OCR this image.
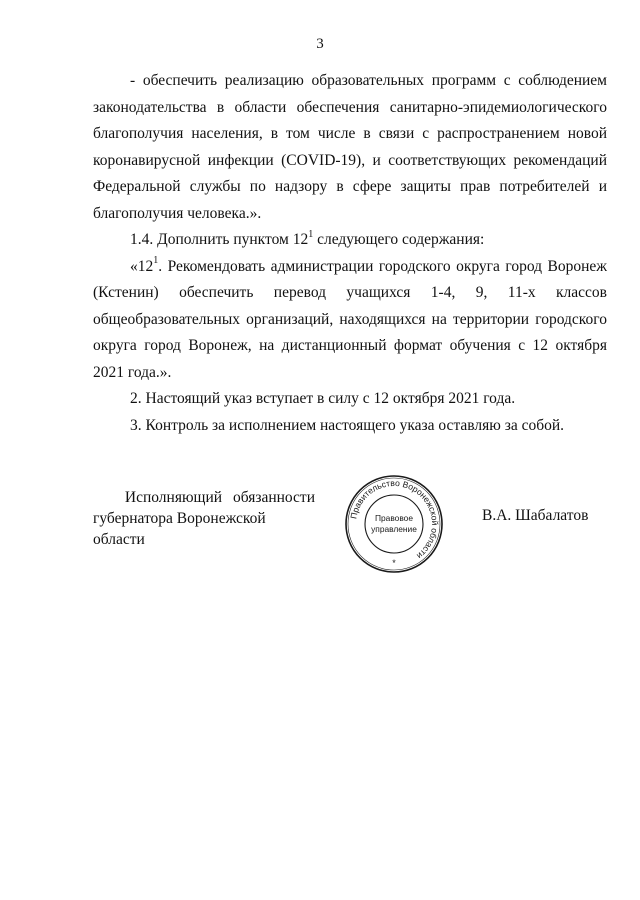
3

- обеспечить реализацию образовательных программ с соблюдением законодательства в области обеспечения санитарно-эпидемиологического благополучия населения, в том числе в связи с распространением новой коронавирусной инфекции (COVID-19), и соответствующих рекомендаций Федеральной службы по надзору в сфере защиты прав потребителей и благополучия человека.».

1.4. Дополнить пунктом $12^1$ следующего содержания:

«$12^1$. Рекомендовать администрации городского округа город Воронеж (Кстенин) обеспечить перевод учащихся 1-4, 9, 11-х классов общеобразовательных организаций, находящихся на территории городского округа город Воронеж, на дистанционный формат обучения с 12 октября 2021 года.».

2. Настоящий указ вступает в силу с 12 октября 2021 года.

3. Контроль за исполнением настоящего указа оставляю за собой.

Исполняющий обязанности
губернатора Воронежской области
Правительство Воронежской области
Правовое
управление
*
В.А. Шабалатов
